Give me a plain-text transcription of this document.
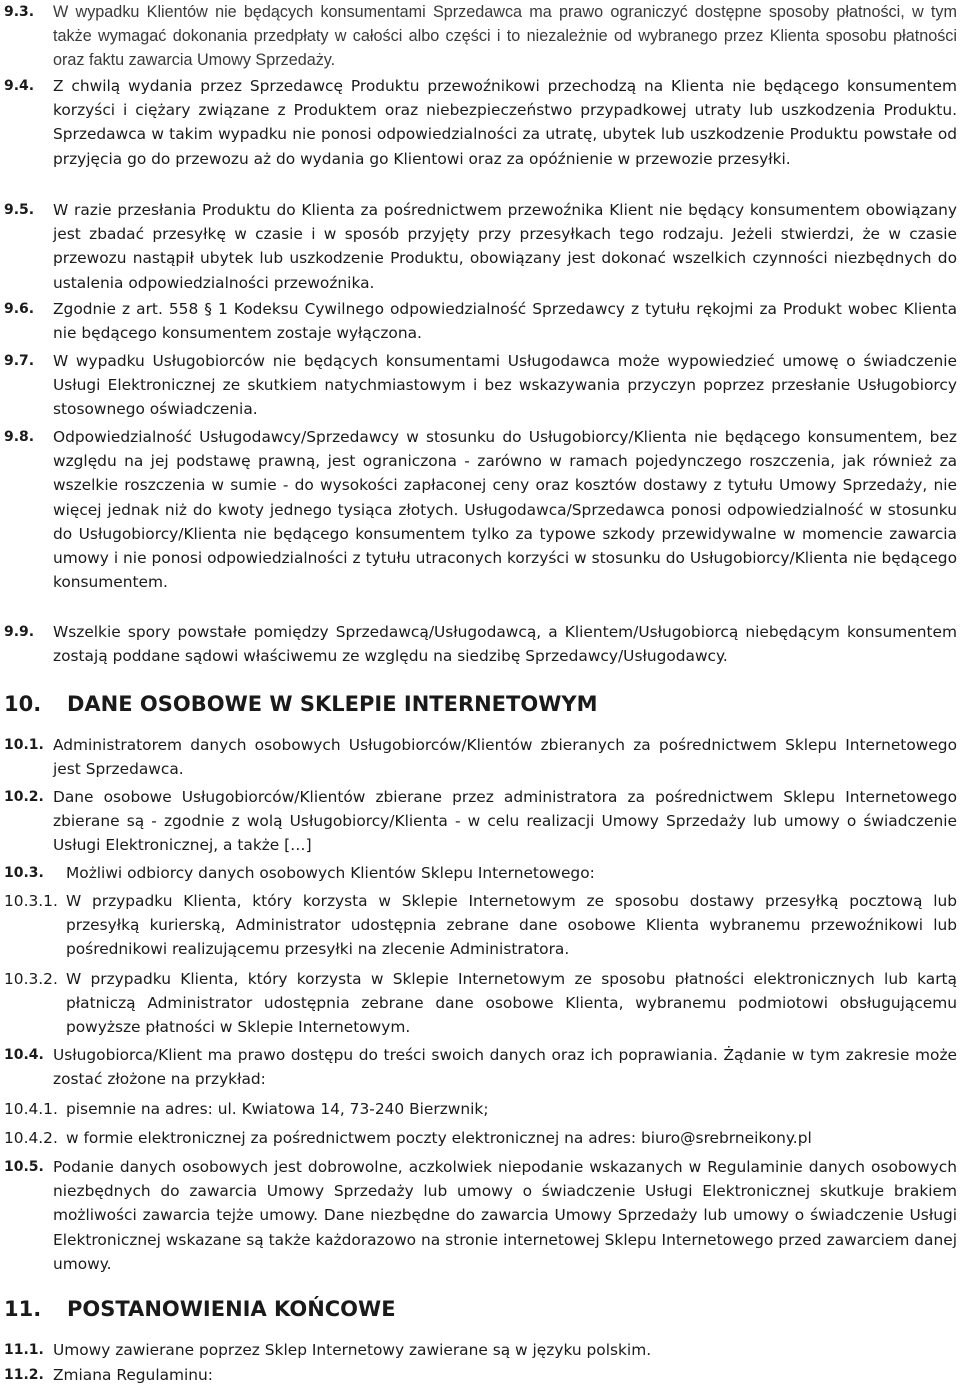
9.3. W wypadku Klientów nie będących konsumentami Sprzedawca ma prawo ograniczyć dostępne sposoby płatności, w tym także wymagać dokonania przedpłaty w całości albo części i to niezależnie od wybranego przez Klienta sposobu płatności oraz faktu zawarcia Umowy Sprzedaży.
9.4. Z chwilą wydania przez Sprzedawcę Produktu przewoźnikowi przechodzą na Klienta nie będącego konsumentem korzyści i ciężary związane z Produktem oraz niebezpieczeństwo przypadkowej utraty lub uszkodzenia Produktu. Sprzedawca w takim wypadku nie ponosi odpowiedzialności za utratę, ubytek lub uszkodzenie Produktu powstałe od przyjęcia go do przewozu aż do wydania go Klientowi oraz za opóźnienie w przewozie przesyłki.
9.5. W razie przesłania Produktu do Klienta za pośrednictwem przewoźnika Klient nie będący konsumentem obowiązany jest zbadać przesyłkę w czasie i w sposób przyjęty przy przesyłkach tego rodzaju. Jeżeli stwierdzi, że w czasie przewozu nastąpił ubytek lub uszkodzenie Produktu, obowiązany jest dokonać wszelkich czynności niezbędnych do ustalenia odpowiedzialności przewoźnika.
9.6. Zgodnie z art. 558 § 1 Kodeksu Cywilnego odpowiedzialność Sprzedawcy z tytułu rękojmi za Produkt wobec Klienta nie będącego konsumentem zostaje wyłączona.
9.7. W wypadku Usługobiorców nie będących konsumentami Usługodawca może wypowiedzieć umowę o świadczenie Usługi Elektronicznej ze skutkiem natychmiastowym i bez wskazywania przyczyn poprzez przesłanie Usługobiorcy stosownego oświadczenia.
9.8. Odpowiedzialność Usługodawcy/Sprzedawcy w stosunku do Usługobiorcy/Klienta nie będącego konsumentem, bez względu na jej podstawę prawną, jest ograniczona - zarówno w ramach pojedynczego roszczenia, jak również za wszelkie roszczenia w sumie - do wysokości zapłaconej ceny oraz kosztów dostawy z tytułu Umowy Sprzedaży, nie więcej jednak niż do kwoty jednego tysiąca złotych. Usługodawca/Sprzedawca ponosi odpowiedzialność w stosunku do Usługobiorcy/Klienta nie będącego konsumentem tylko za typowe szkody przewidywalne w momencie zawarcia umowy i nie ponosi odpowiedzialności z tytułu utraconych korzyści w stosunku do Usługobiorcy/Klienta nie będącego konsumentem.
9.9. Wszelkie spory powstałe pomiędzy Sprzedawcą/Usługodawcą, a Klientem/Usługobiorcą niebędącym konsumentem zostają poddane sądowi właściwemu ze względu na siedzibę Sprzedawcy/Usługodawcy.
10. DANE OSOBOWE W SKLEPIE INTERNETOWYM
10.1. Administratorem danych osobowych Usługobiorców/Klientów zbieranych za pośrednictwem Sklepu Internetowego jest Sprzedawca.
10.2. Dane osobowe Usługobiorców/Klientów zbierane przez administratora za pośrednictwem Sklepu Internetowego zbierane są - zgodnie z wolą Usługobiorcy/Klienta - w celu realizacji Umowy Sprzedaży lub umowy o świadczenie Usługi Elektronicznej, a także […]
10.3. Możliwi odbiorcy danych osobowych Klientów Sklepu Internetowego:
10.3.1. W przypadku Klienta, który korzysta w Sklepie Internetowym ze sposobu dostawy przesyłką pocztową lub przesyłką kurierską, Administrator udostępnia zebrane dane osobowe Klienta wybranemu przewoźnikowi lub pośrednikowi realizującemu przesyłki na zlecenie Administratora.
10.3.2. W przypadku Klienta, który korzysta w Sklepie Internetowym ze sposobu płatności elektronicznych lub kartą płatniczą Administrator udostępnia zebrane dane osobowe Klienta, wybranemu podmiotowi obsługującemu powyższe płatności w Sklepie Internetowym.
10.4. Usługobiorca/Klient ma prawo dostępu do treści swoich danych oraz ich poprawiania. Żądanie w tym zakresie może zostać złożone na przykład:
10.4.1. pisemnie na adres: ul. Kwiatowa 14, 73-240 Bierzwnik;
10.4.2. w formie elektronicznej za pośrednictwem poczty elektronicznej na adres: biuro@srebrneikony.pl
10.5. Podanie danych osobowych jest dobrowolne, aczkolwiek niepodanie wskazanych w Regulaminie danych osobowych niezbędnych do zawarcia Umowy Sprzedaży lub umowy o świadczenie Usługi Elektronicznej skutkuje brakiem możliwości zawarcia tejże umowy. Dane niezbędne do zawarcia Umowy Sprzedaży lub umowy o świadczenie Usługi Elektronicznej wskazane są także każdorazowo na stronie internetowej Sklepu Internetowego przed zawarciem danej umowy.
11. POSTANOWIENIA KOŃCOWE
11.1. Umowy zawierane poprzez Sklep Internetowy zawierane są w języku polskim.
11.2. Zmiana Regulaminu:
